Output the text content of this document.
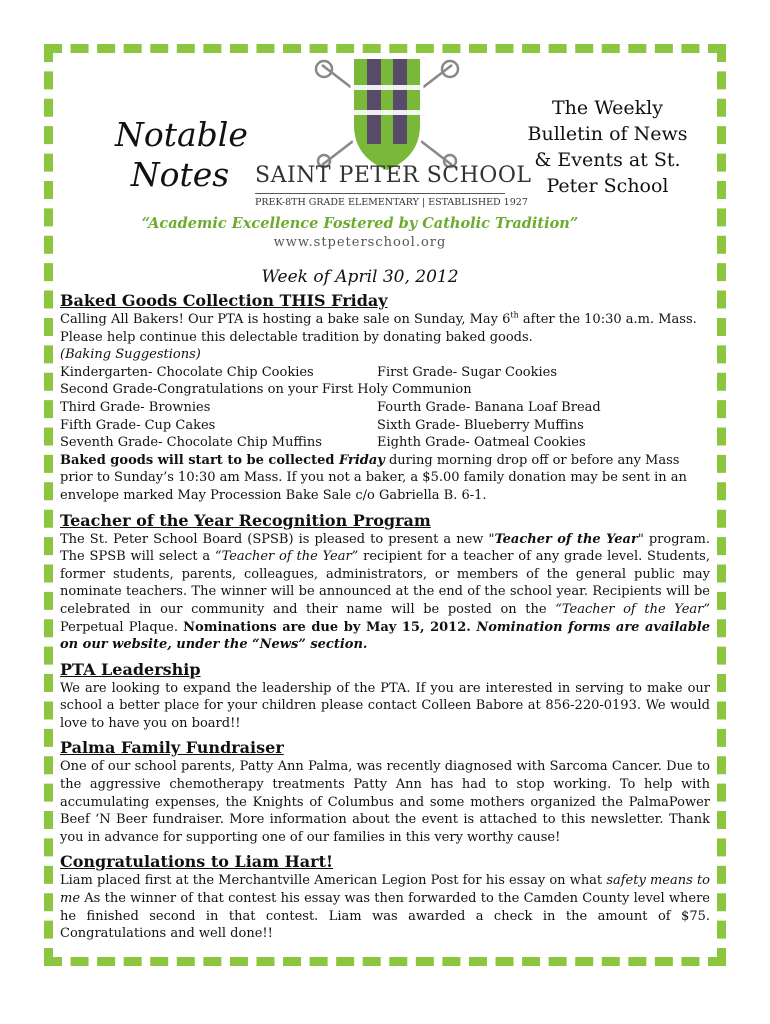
Notable Notes	SAINT PETER SCHOOL
PREK-8TH GRADE ELEMENTARY | ESTABLISHED 1927
The Weekly Bulletin of News & Events at St. Peter School
“Academic Excellence Fostered by Catholic Tradition”
www.stpeterschool.org
Week of April 30, 2012
Baked Goods Collection THIS Friday

Calling All Bakers! Our PTA is hosting a bake sale on Sunday, May 6th after the 10:30 a.m. Mass.

Please help continue this delectable tradition by donating baked goods.

(Baking Suggestions)

Kindergarten- Chocolate Chip Cookies	First Grade- Sugar Cookies
Second Grade-Congratulations on your First Holy Communion
Third Grade- Brownies	Fourth Grade- Banana Loaf Bread
Fifth Grade- Cup Cakes	Sixth Grade- Blueberry Muffins
Seventh Grade- Chocolate Chip Muffins	Eighth Grade- Oatmeal Cookies

Baked goods will start to be collected Friday during morning drop off or before any Mass prior to Sunday’s 10:30 am Mass. If you not a baker, a $5.00 family donation may be sent in an envelope marked May Procession Bake Sale c/o Gabriella B. 6-1.

Teacher of the Year Recognition Program

The St. Peter School Board (SPSB) is pleased to present a new "Teacher of the Year" program. The SPSB will select a “Teacher of the Year” recipient for a teacher of any grade level. Students, former students, parents, colleagues, administrators, or members of the general public may nominate teachers. The winner will be announced at the end of the school year. Recipients will be celebrated in our community and their name will be posted on the “Teacher of the Year” Perpetual Plaque. Nominations are due by May 15, 2012. Nomination forms are available on our website, under the “News” section.

PTA Leadership

We are looking to expand the leadership of the PTA. If you are interested in serving to make our school a better place for your children please contact Colleen Babore at 856-220-0193. We would love to have you on board!!

Palma Family Fundraiser

One of our school parents, Patty Ann Palma, was recently diagnosed with Sarcoma Cancer. Due to the aggressive chemotherapy treatments Patty Ann has had to stop working. To help with accumulating expenses, the Knights of Columbus and some mothers organized the PalmaPower Beef ‘N Beer fundraiser. More information about the event is attached to this newsletter. Thank you in advance for supporting one of our families in this very worthy cause!

Congratulations to Liam Hart!

Liam placed first at the Merchantville American Legion Post for his essay on what safety means to me As the winner of that contest his essay was then forwarded to the Camden County level where he finished second in that contest. Liam was awarded a check in the amount of $75. Congratulations and well done!!
